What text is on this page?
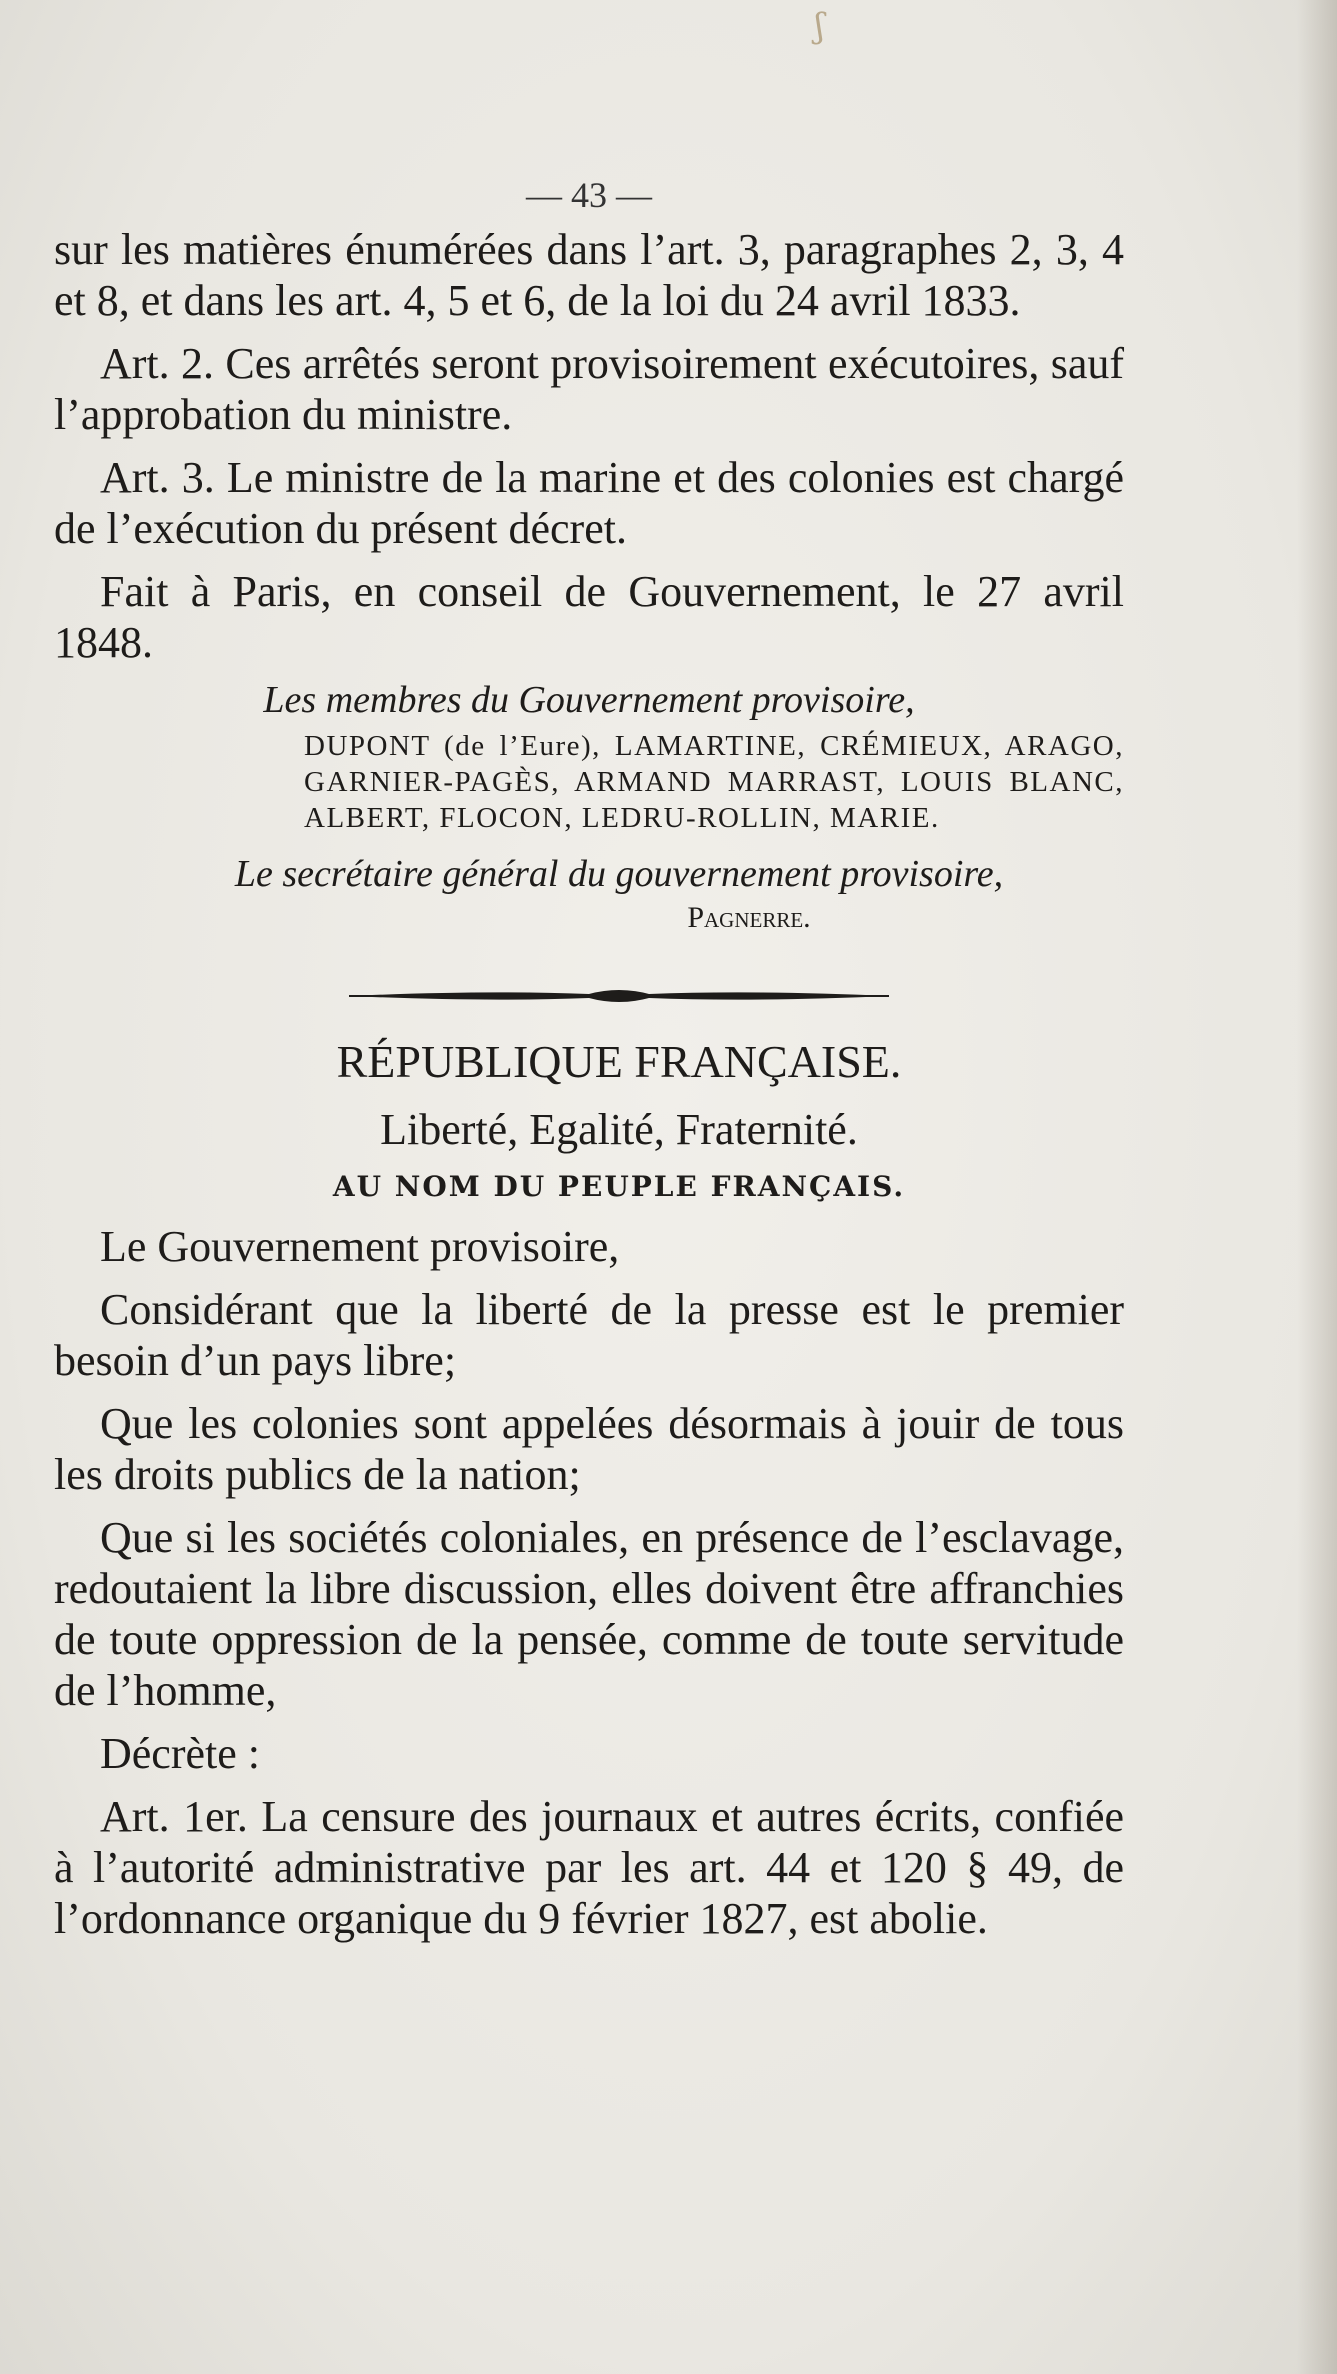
ʃ
— 43 —

sur les matières énumérées dans l’art. 3, paragraphes 2, 3, 4 et 8, et dans les art. 4, 5 et 6, de la loi du 24 avril 1833.

Art. 2. Ces arrêtés seront provisoirement exécutoires, sauf l’approbation du ministre.

Art. 3. Le ministre de la marine et des colonies est chargé de l’exécution du présent décret.

Fait à Paris, en conseil de Gouvernement, le 27 avril 1848.

Les membres du Gouvernement provisoire,
DUPONT (de l’Eure), LAMARTINE, CRÉMIEUX, ARAGO, GARNIER-PAGÈS, ARMAND MARRAST, LOUIS BLANC, ALBERT, FLOCON, LEDRU-ROLLIN, MARIE.
Le secrétaire général du gouvernement provisoire,
Pagnerre.
RÉPUBLIQUE FRANÇAISE.
Liberté, Egalité, Fraternité.
AU NOM DU PEUPLE FRANÇAIS.

Le Gouvernement provisoire,

Considérant que la liberté de la presse est le premier besoin d’un pays libre;

Que les colonies sont appelées désormais à jouir de tous les droits publics de la nation;

Que si les sociétés coloniales, en présence de l’esclavage, redoutaient la libre discussion, elles doivent être affranchies de toute oppression de la pensée, comme de toute servitude de l’homme,

Décrète :

Art. 1er. La censure des journaux et autres écrits, confiée à l’autorité administrative par les art. 44 et 120 § 49, de l’ordonnance organique du 9 février 1827, est abolie.
